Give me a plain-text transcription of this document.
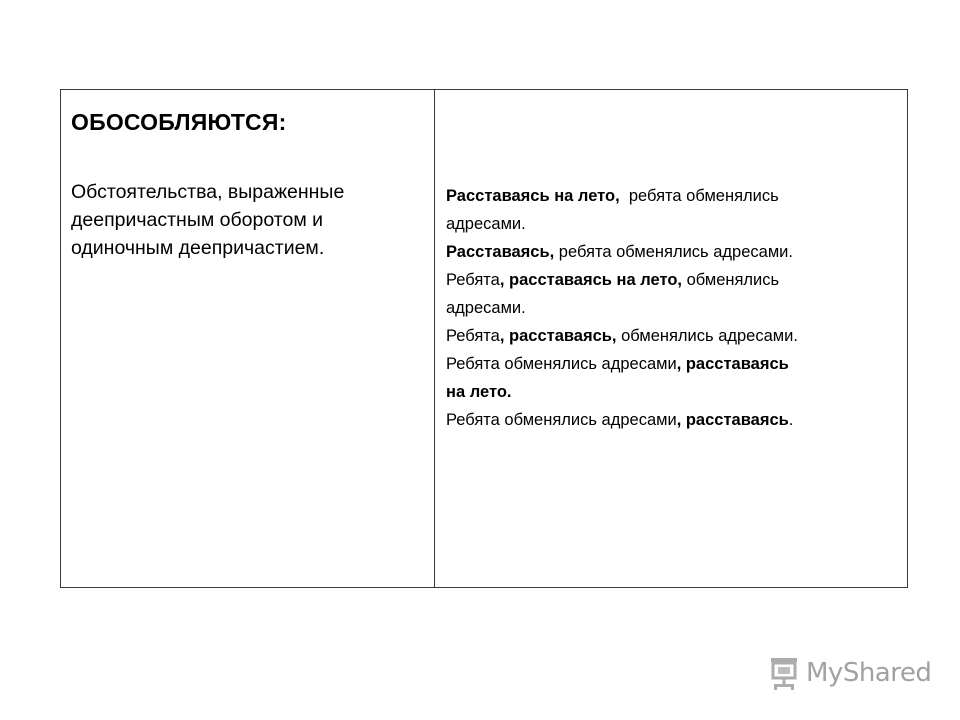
ОБОСОБЛЯЮТСЯ:
Обстоятельства, выраженные
деепричастным оборотом и
одиночным деепричастием.
Расставаясь на лето,  ребята обменялись
адресами.
Расставаясь, ребята обменялись адресами.
Ребята, расставаясь на лето, обменялись
адресами.
Ребята, расставаясь, обменялись адресами.
Ребята обменялись адресами, расставаясь
на лето.
Ребята обменялись адресами, расставаясь.
MyShared
